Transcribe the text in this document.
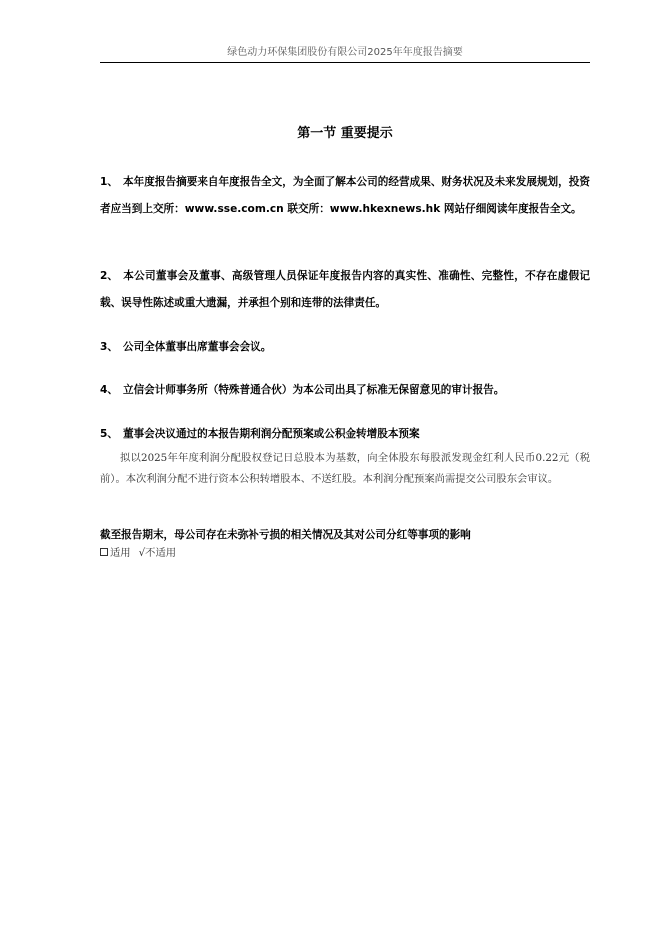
绿色动力环保集团股份有限公司2025年年度报告摘要
第一节 重要提示
1、 本年度报告摘要来自年度报告全文，为全面了解本公司的经营成果、财务状况及未来发展规划，投资者应当到上交所：www.sse.com.cn 联交所：www.hkexnews.hk 网站仔细阅读年度报告全文。
2、 本公司董事会及董事、高级管理人员保证年度报告内容的真实性、准确性、完整性，不存在虚假记载、误导性陈述或重大遗漏，并承担个别和连带的法律责任。
3、 公司全体董事出席董事会会议。
4、 立信会计师事务所（特殊普通合伙）为本公司出具了标准无保留意见的审计报告。
5、 董事会决议通过的本报告期利润分配预案或公积金转增股本预案
拟以2025年年度利润分配股权登记日总股本为基数，向全体股东每股派发现金红利人民币0.22元（税前）。本次利润分配不进行资本公积转增股本、不送红股。本利润分配预案尚需提交公司股东会审议。
截至报告期末，母公司存在未弥补亏损的相关情况及其对公司分红等事项的影响
适用 √不适用
